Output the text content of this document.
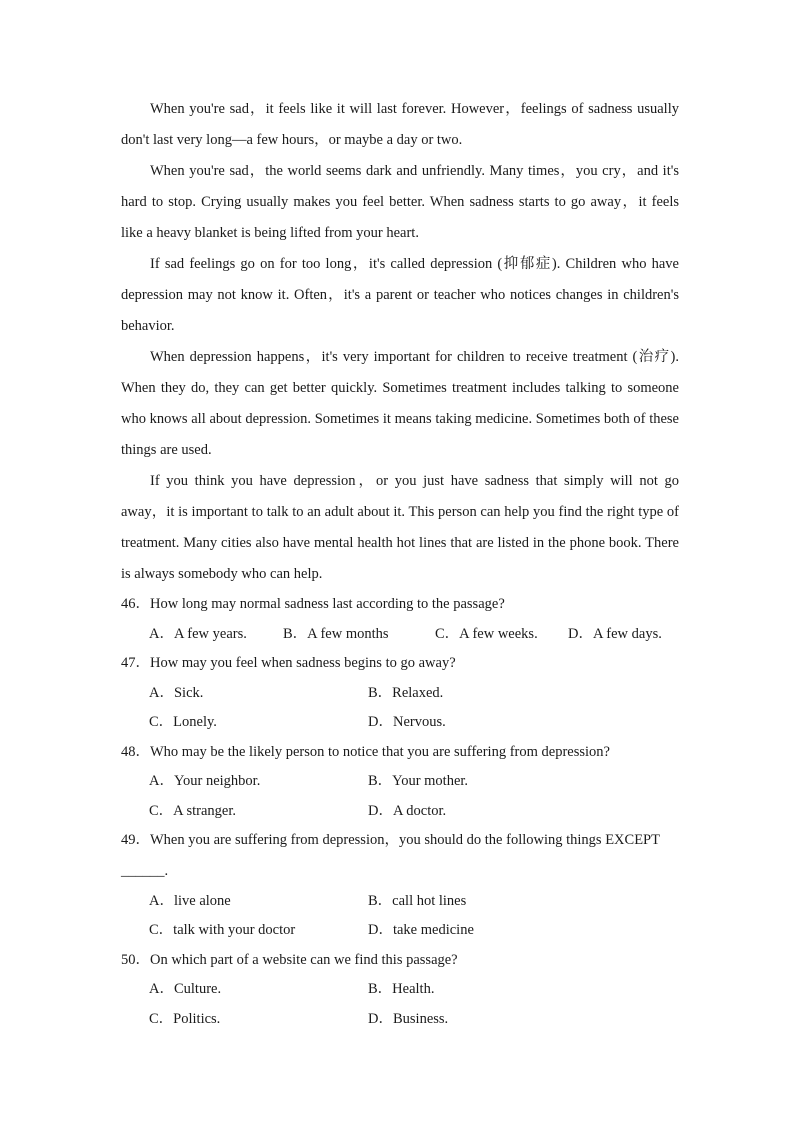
When you're sad，it feels like it will last forever. However，feelings of sadness usually don't last very long—a few hours，or maybe a day or two.

When you're sad，the world seems dark and unfriendly. Many times，you cry，and it's hard to stop. Crying usually makes you feel better. When sadness starts to go away，it feels like a heavy blanket is being lifted from your heart.

If sad feelings go on for too long，it's called depression (抑郁症). Children who have depression may not know it. Often，it's a parent or teacher who notices changes in children's behavior.

When depression happens，it's very important for children to receive treatment (治疗). When they do, they can get better quickly. Sometimes treatment includes talking to someone who knows all about depression. Sometimes it means taking medicine. Sometimes both of these things are used.

If you think you have depression，or you just have sadness that simply will not go away，it is important to talk to an adult about it. This person can help you find the right type of treatment. Many cities also have mental health hot lines that are listed in the phone book. There is always somebody who can help.

46．How long may normal sadness last according to the passage?

A．A few years.	B．A few months	C．A few weeks.	D．A few days.

47．How may you feel when sadness begins to go away?

A．Sick.	B．Relaxed.
C．Lonely.	D．Nervous.

48．Who may be the likely person to notice that you are suffering from depression?

A．Your neighbor.	B．Your mother.
C．A stranger.	D．A doctor.

49．When you are suffering from depression，you should do the following things EXCEPT

______.

A．live alone	B．call hot lines
C．talk with your doctor	D．take medicine

50．On which part of a website can we find this passage?

A．Culture.	B．Health.
C．Politics.	D．Business.
